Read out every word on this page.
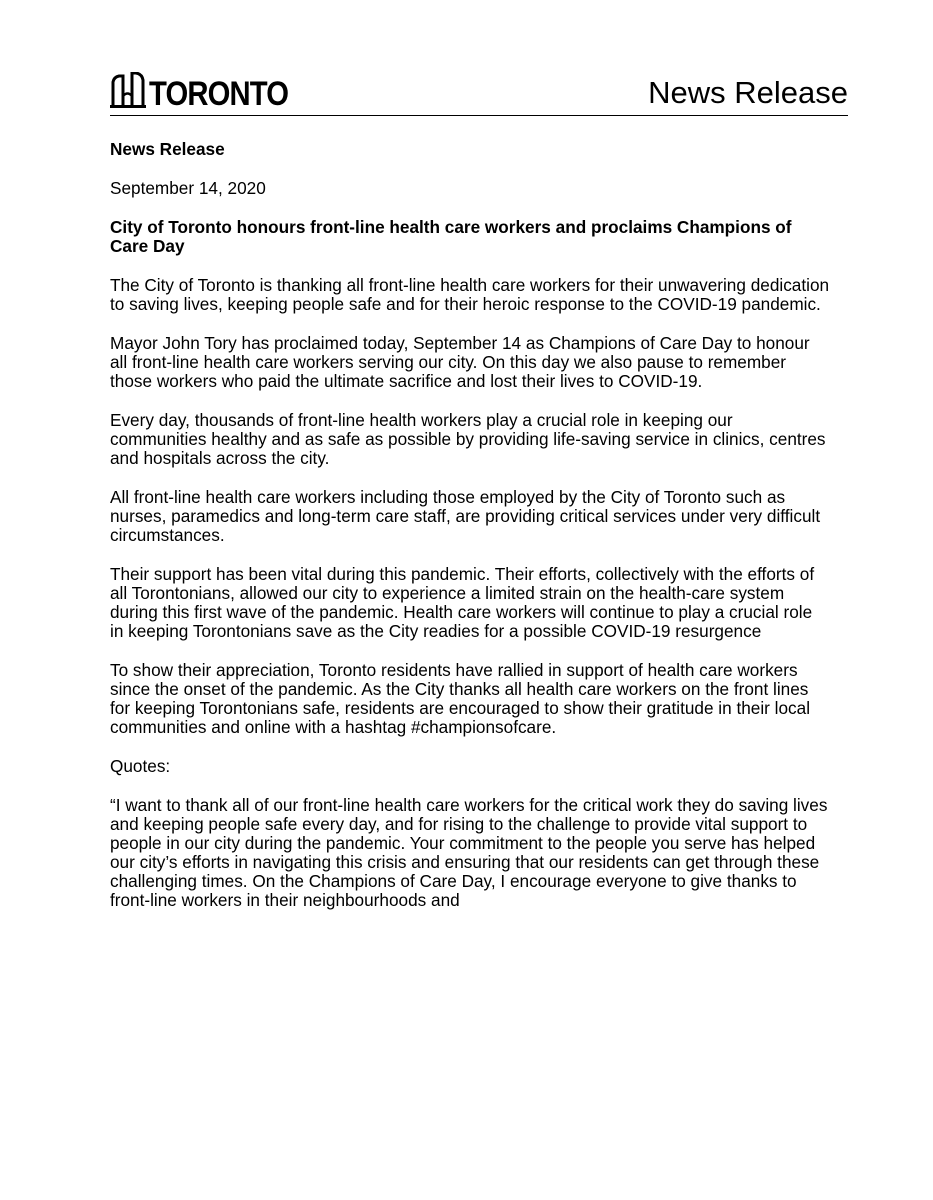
TORONTO	News Release

News Release

September 14, 2020

City of Toronto honours front-line health care workers and proclaims Champions of Care Day

The City of Toronto is thanking all front-line health care workers for their unwavering dedication to saving lives, keeping people safe and for their heroic response to the COVID-19 pandemic.

Mayor John Tory has proclaimed today, September 14 as Champions of Care Day to honour all front-line health care workers serving our city. On this day we also pause to remember those workers who paid the ultimate sacrifice and lost their lives to COVID-19.

Every day, thousands of front-line health workers play a crucial role in keeping our communities healthy and as safe as possible by providing life-saving service in clinics, centres and hospitals across the city.

All front-line health care workers including those employed by the City of Toronto such as nurses, paramedics and long-term care staff, are providing critical services under very difficult circumstances.

Their support has been vital during this pandemic. Their efforts, collectively with the efforts of all Torontonians, allowed our city to experience a limited strain on the health-care system during this first wave of the pandemic. Health care workers will continue to play a crucial role in keeping Torontonians save as the City readies for a possible COVID-19 resurgence

To show their appreciation, Toronto residents have rallied in support of health care workers since the onset of the pandemic. As the City thanks all health care workers on the front lines for keeping Torontonians safe, residents are encouraged to show their gratitude in their local communities and online with a hashtag #championsofcare.

Quotes:

“I want to thank all of our front-line health care workers for the critical work they do saving lives and keeping people safe every day, and for rising to the challenge to provide vital support to people in our city during the pandemic. Your commitment to the people you serve has helped our city’s efforts in navigating this crisis and ensuring that our residents can get through these challenging times. On the Champions of Care Day, I encourage everyone to give thanks to front-line workers in their neighbourhoods and
